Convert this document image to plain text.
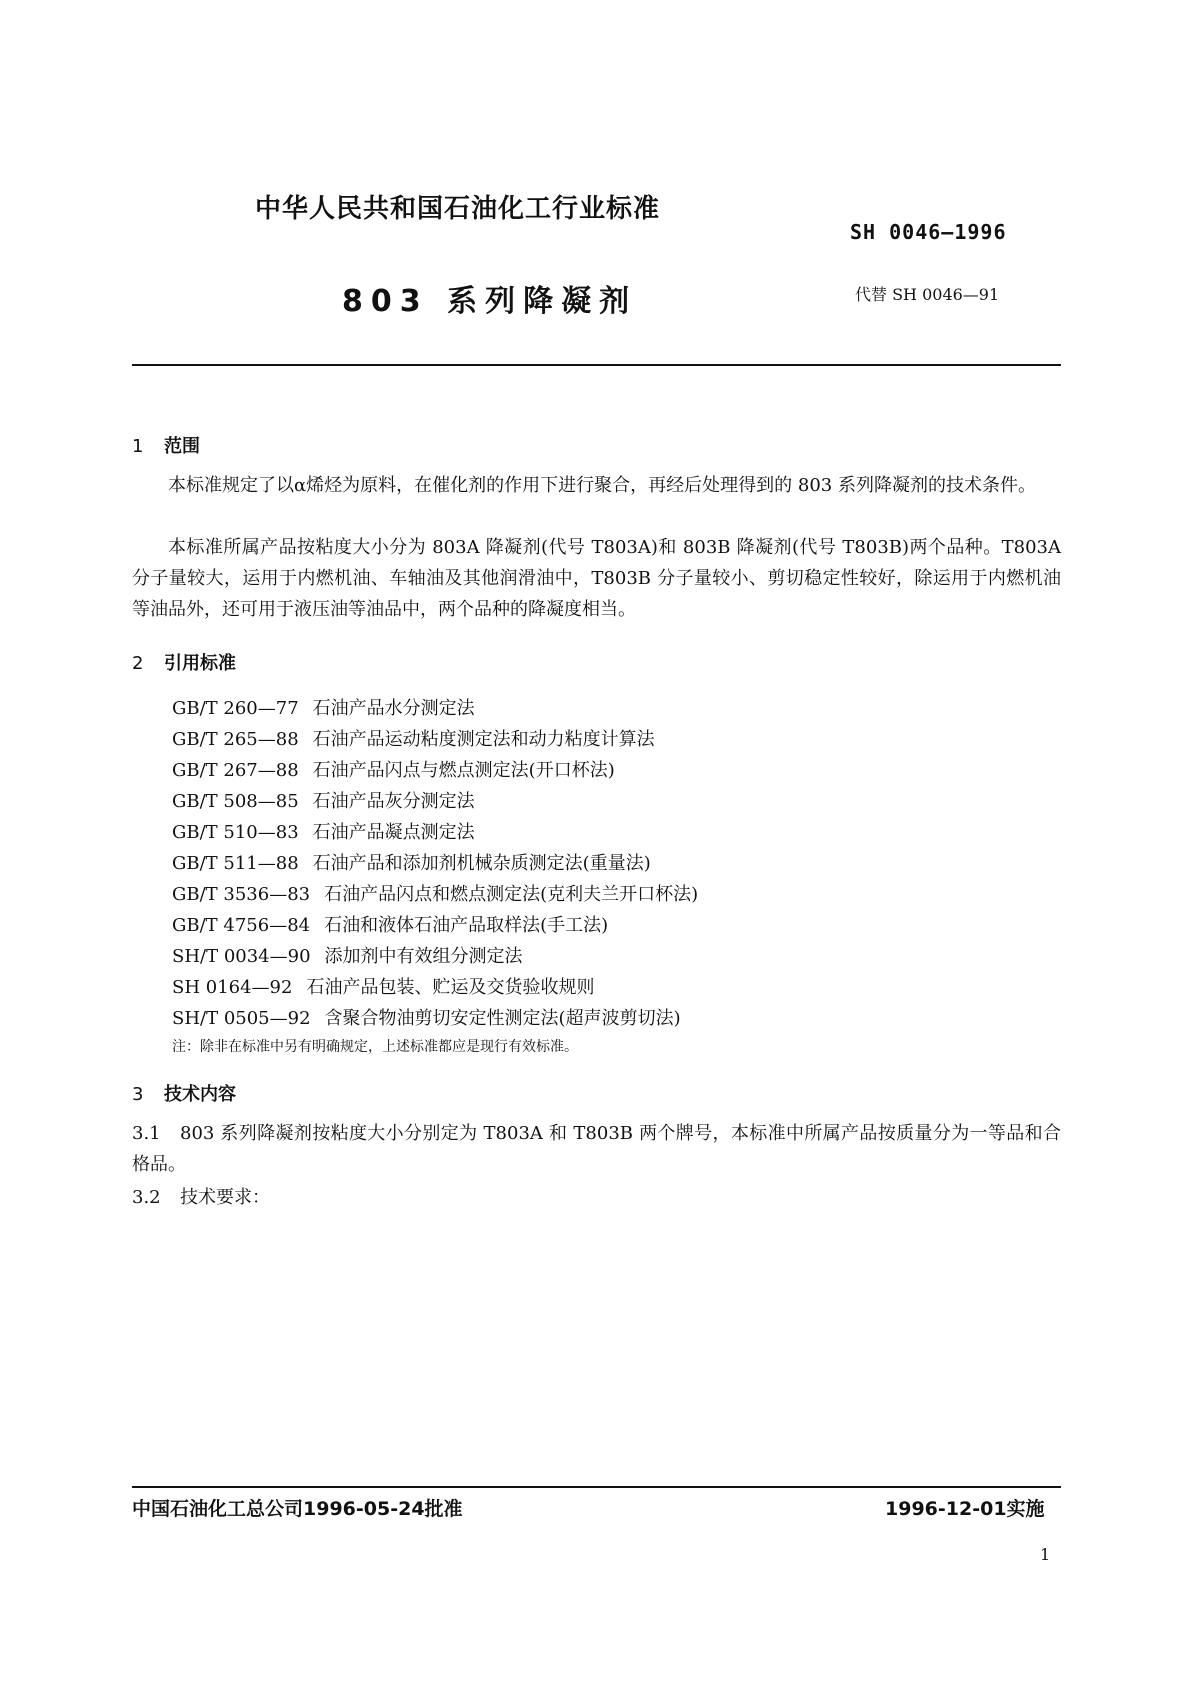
中华人民共和国石油化工行业标准
SH 0046—1996
803 系列降凝剂	代替 SH 0046—91
1 范围
本标准规定了以α烯烃为原料，在催化剂的作用下进行聚合，再经后处理得到的 803 系列降凝剂的技术条件。
本标准所属产品按粘度大小分为 803A 降凝剂(代号 T803A)和 803B 降凝剂(代号 T803B)两个品种。T803A 分子量较大，运用于内燃机油、车轴油及其他润滑油中，T803B 分子量较小、剪切稳定性较好，除运用于内燃机油等油品外，还可用于液压油等油品中，两个品种的降凝度相当。
2 引用标准
GB/T 260—77 石油产品水分测定法
GB/T 265—88 石油产品运动粘度测定法和动力粘度计算法
GB/T 267—88 石油产品闪点与燃点测定法(开口杯法)
GB/T 508—85 石油产品灰分测定法
GB/T 510—83 石油产品凝点测定法
GB/T 511—88 石油产品和添加剂机械杂质测定法(重量法)
GB/T 3536—83 石油产品闪点和燃点测定法(克利夫兰开口杯法)
GB/T 4756—84 石油和液体石油产品取样法(手工法)
SH/T 0034—90 添加剂中有效组分测定法
SH 0164—92 石油产品包装、贮运及交货验收规则
SH/T 0505—92 含聚合物油剪切安定性测定法(超声波剪切法)
注：除非在标准中另有明确规定，上述标准都应是现行有效标准。
3 技术内容
3.1 803 系列降凝剂按粘度大小分别定为 T803A 和 T803B 两个牌号，本标准中所属产品按质量分为一等品和合格品。
3.2 技术要求：
中国石油化工总公司1996-05-24批准	1996-12-01实施
1
